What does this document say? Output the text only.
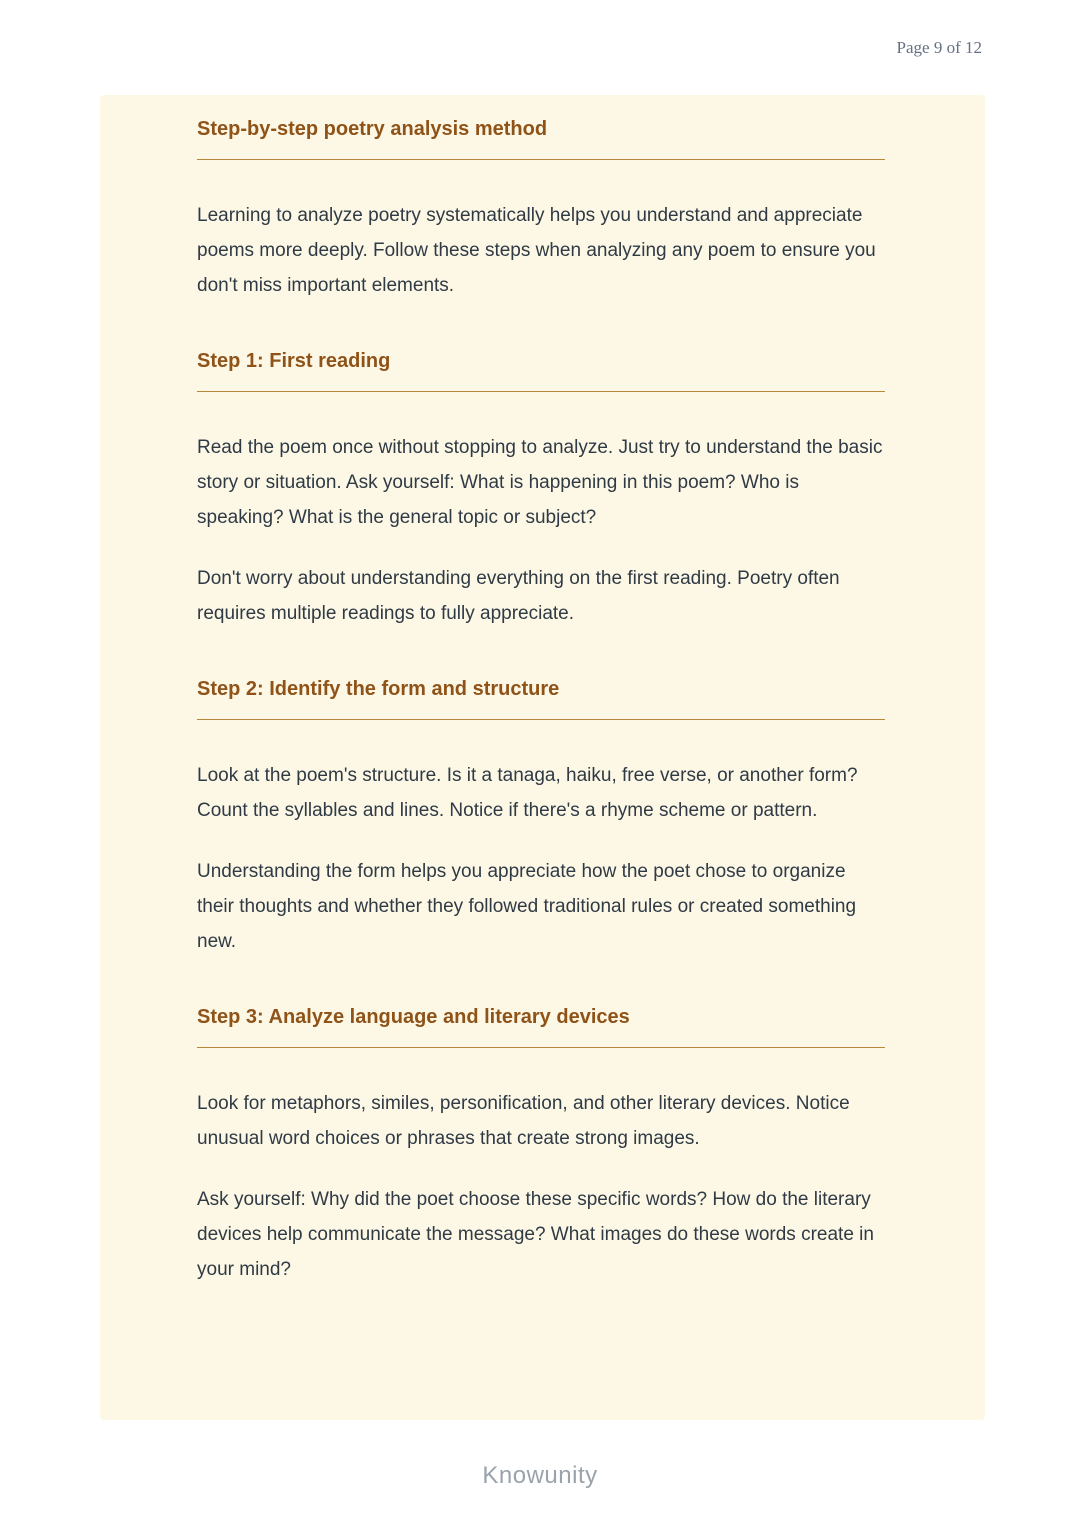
Page 9 of 12
Step-by-step poetry analysis method

Learning to analyze poetry systematically helps you understand and appreciate poems more deeply. Follow these steps when analyzing any poem to ensure you don't miss important elements.

Step 1: First reading

Read the poem once without stopping to analyze. Just try to understand the basic story or situation. Ask yourself: What is happening in this poem? Who is speaking? What is the general topic or subject?

Don't worry about understanding everything on the first reading. Poetry often requires multiple readings to fully appreciate.

Step 2: Identify the form and structure

Look at the poem's structure. Is it a tanaga, haiku, free verse, or another form? Count the syllables and lines. Notice if there's a rhyme scheme or pattern.

Understanding the form helps you appreciate how the poet chose to organize their thoughts and whether they followed traditional rules or created something new.

Step 3: Analyze language and literary devices

Look for metaphors, similes, personification, and other literary devices. Notice unusual word choices or phrases that create strong images.

Ask yourself: Why did the poet choose these specific words? How do the literary devices help communicate the message? What images do these words create in your mind?

Knowunity
